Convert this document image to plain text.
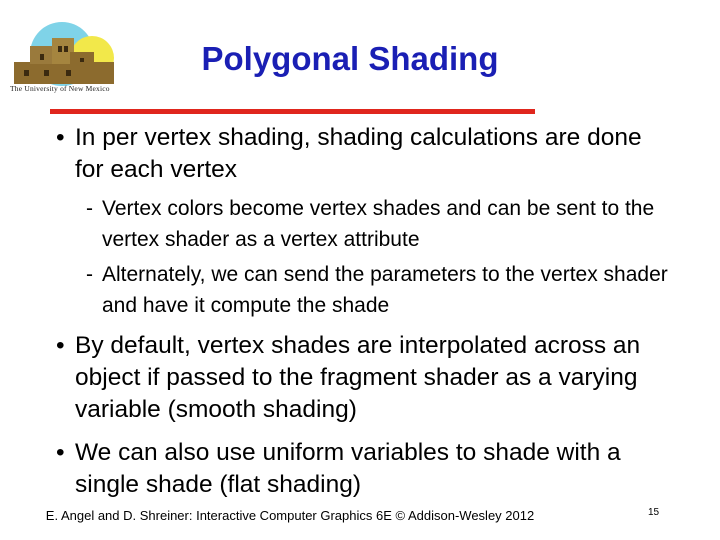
The University of New Mexico
Polygonal Shading
• In per vertex shading, shading calculations are done for each vertex
- Vertex colors become vertex shades and can be sent to the vertex shader as a vertex attribute
- Alternately, we can send the parameters to the vertex shader and have it compute the shade
• By default, vertex shades are interpolated across an object if passed to the fragment shader as a varying variable (smooth shading)
• We can also use uniform variables to shade with a single shade (flat shading)
E. Angel and D. Shreiner: Interactive Computer Graphics 6E © Addison-Wesley 2012	15
